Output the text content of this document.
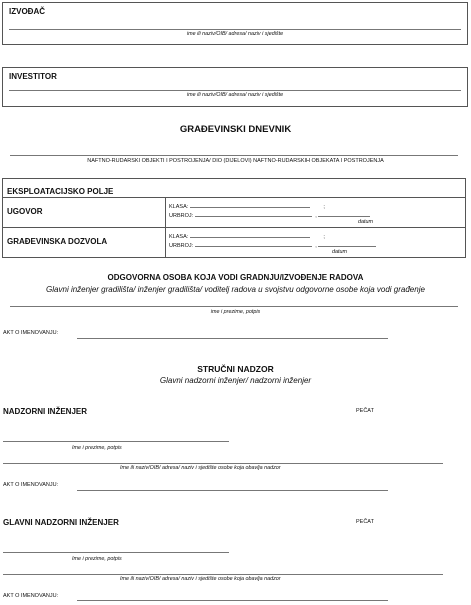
IZVOĐAČ
ime ili naziv/OIB/ adresa/ naziv i sjedište
INVESTITOR
ime ili naziv/OIB/ adresa/ naziv i sjedište
GRAĐEVINSKI DNEVNIK
NAFTNO-RUDARSKI OBJEKTI I POSTROJENJA/ DIO (DIJELOVI) NAFTNO-RUDARSKIH OBJEKATA I POSTROJENJA
EKSPLOATACIJSKO POLJE	
UGOVOR	KLASA: ;
URBROJ: ,
datum

GRAĐEVINSKA DOZVOLA	KLASA: ;
URBROJ: ,
datum
ODGOVORNA OSOBA KOJA VODI GRADNJU/IZVOĐENJE RADOVA
Glavni inženjer gradilišta/ inženjer gradilišta/ voditelj radova u svojstvu odgovorne osobe koja vodi građenje
ime i prezime, potpis
AKT O IMENOVANJU:
STRUČNI NADZOR
Glavni nadzorni inženjer/ nadzorni inženjer
NADZORNI INŽENJER	PEČAT
Ime i prezime, potpis
Ime ili naziv/OIB/ adresa/ naziv i sjedište osobe koja obavlja nadzor
AKT O IMENOVANJU:
GLAVNI NADZORNI INŽENJER	PEČAT
Ime i prezime, potpis
Ime ili naziv/OIB/ adresa/ naziv i sjedište osobe koja obavlja nadzor
AKT O IMENOVANJU:
